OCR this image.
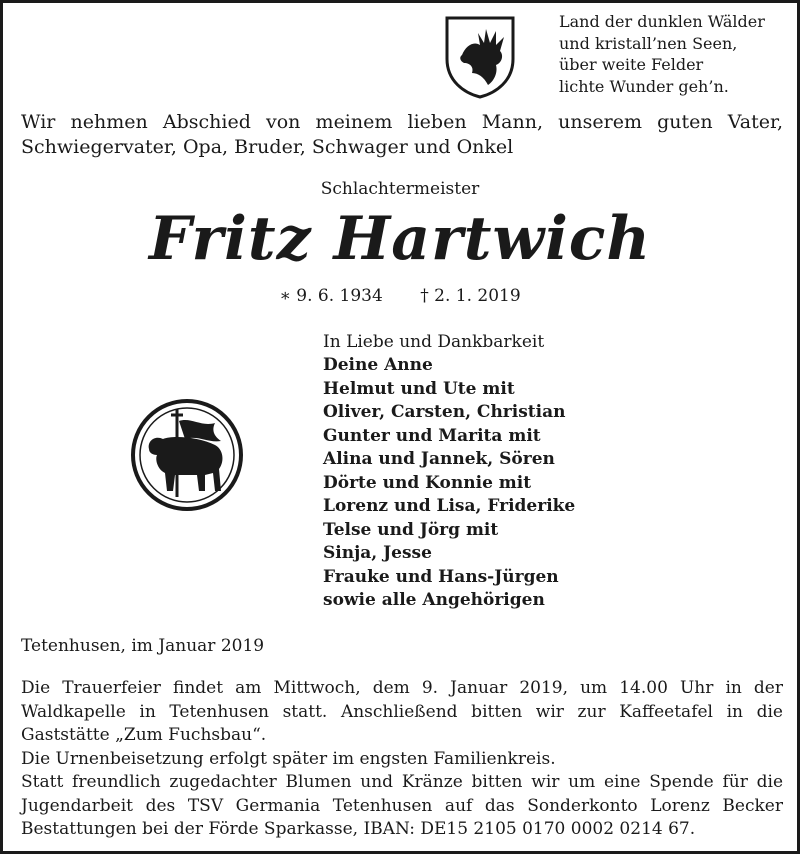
Land der dunklen Wälder
und kristall’nen Seen,
über weite Felder
lichte Wunder geh’n.
Wir nehmen Abschied von meinem lieben Mann, unserem guten Vater, Schwiegervater, Opa, Bruder, Schwager und Onkel
Schlachtermeister
Fritz Hartwich
∗ 9. 6. 1934 † 2. 1. 2019
In Liebe und Dankbarkeit
Deine Anne
Helmut und Ute mit
Oliver, Carsten, Christian
Gunter und Marita mit
Alina und Jannek, Sören
Dörte und Konnie mit
Lorenz und Lisa, Friderike
Telse und Jörg mit
Sinja, Jesse
Frauke und Hans-Jürgen
sowie alle Angehörigen
Tetenhusen, im Januar 2019

Die Trauerfeier findet am Mittwoch, dem 9. Januar 2019, um 14.00 Uhr in der Waldkapelle in Tetenhusen statt. Anschließend bitten wir zur Kaffeetafel in die Gaststätte „Zum Fuchsbau“.

Die Urnenbeisetzung erfolgt später im engsten Familienkreis.

Statt freundlich zugedachter Blumen und Kränze bitten wir um eine Spende für die Jugendarbeit des TSV Germania Tetenhusen auf das Sonderkonto Lorenz Becker Bestattungen bei der Förde Sparkasse, IBAN: DE15 2105 0170 0002 0214 67.
